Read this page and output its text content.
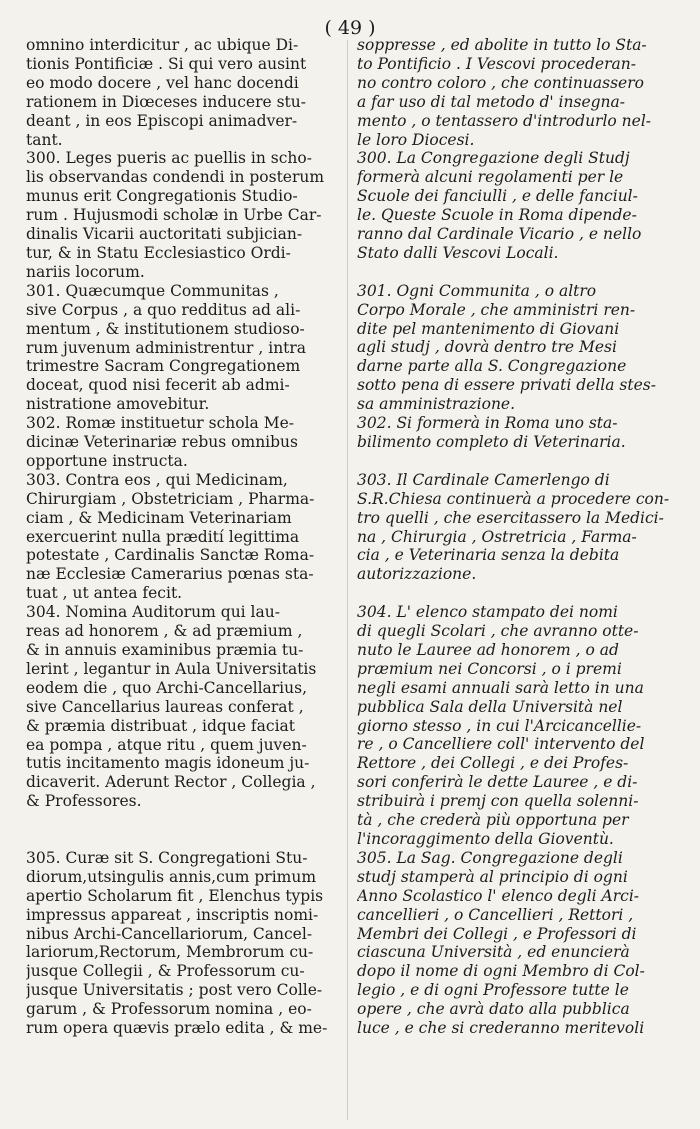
( 49 )
omnino interdicitur , ac ubique Di-
tionis Pontificiæ . Si qui vero ausint
eo modo docere , vel hanc docendi
rationem in Diœceses inducere stu-
deant , in eos Episcopi animadver-
tant.
300. Leges pueris ac puellis in scho-
lis observandas condendi in posterum
munus erit Congregationis Studio-
rum . Hujusmodi scholæ in Urbe Car-
dinalis Vicarii auctoritati subjician-
tur, & in Statu Ecclesiastico Ordi-
nariis locorum.
301. Quæcumque Communitas ,
sive Corpus , a quo redditus ad ali-
mentum , & institutionem studioso-
rum juvenum administrentur , intra
trimestre Sacram Congregationem
doceat, quod nisi fecerit ab admi-
nistratione amovebitur.
302. Romæ instituetur schola Me-
dicinæ Veterinariæ rebus omnibus
opportune instructa.
303. Contra eos , qui Medicinam,
Chirurgiam , Obstetriciam , Pharma-
ciam , & Medicinam Veterinariam
exercuerint nulla prædití legittima
potestate , Cardinalis Sanctæ Roma-
næ Ecclesiæ Camerarius pœnas sta-
tuat , ut antea fecit.
304. Nomina Auditorum qui lau-
reas ad honorem , & ad præmium ,
& in annuis examinibus præmia tu-
lerint , legantur in Aula Universitatis
eodem die , quo Archi-Cancellarius,
sive Cancellarius laureas conferat ,
& præmia distribuat , idque faciat
ea pompa , atque ritu , quem juven-
tutis incitamento magis idoneum ju-
dicaverit. Aderunt Rector , Collegia ,
& Professores.
305. Curæ sit S. Congregationi Stu-
diorum,utsingulis annis,cum primum
apertio Scholarum fit , Elenchus typis
impressus appareat , inscriptis nomi-
nibus Archi-Cancellariorum, Cancel-
lariorum,Rectorum, Membrorum cu-
jusque Collegii , & Professorum cu-
jusque Universitatis ; post vero Colle-
garum , & Professorum nomina , eo-
rum opera quævis prælo edita , & me-
soppresse , ed abolite in tutto lo Sta-
to Pontificio . I Vescovi procederan-
no contro coloro , che continuassero
a far uso di tal metodo d' insegna-
mento , o tentassero d'introdurlo nel-
le loro Diocesi.
300. La Congregazione degli Studj
formerà alcuni regolamenti per le
Scuole dei fanciulli , e delle fanciul-
le. Queste Scuole in Roma dipende-
ranno dal Cardinale Vicario , e nello
Stato dalli Vescovi Locali.
301. Ogni Communita , o altro
Corpo Morale , che amministri ren-
dite pel mantenimento di Giovani
agli studj , dovrà dentro tre Mesi
darne parte alla S. Congregazione
sotto pena di essere privati della stes-
sa amministrazione.
302. Si formerà in Roma uno sta-
bilimento completo di Veterinaria.
303. Il Cardinale Camerlengo di
S.R.Chiesa continuerà a procedere con-
tro quelli , che esercitassero la Medici-
na , Chirurgia , Ostretricia , Farma-
cia , e Veterinaria senza la debita
autorizzazione.
304. L' elenco stampato dei nomi
di quegli Scolari , che avranno otte-
nuto le Lauree ad honorem , o ad
præmium nei Concorsi , o i premi
negli esami annuali sarà letto in una
pubblica Sala della Università nel
giorno stesso , in cui l'Arcicancellie-
re , o Cancelliere coll' intervento del
Rettore , dei Collegi , e dei Profes-
sori conferirà le dette Lauree , e di-
stribuirà i premj con quella solenni-
tà , che crederà più opportuna per
l'incoraggimento della Gioventù.
305. La Sag. Congregazione degli
studj stamperà al principio di ogni
Anno Scolastico l' elenco degli Arci-
cancellieri , o Cancellieri , Rettori ,
Membri dei Collegi , e Professori di
ciascuna Università , ed enuncierà
dopo il nome di ogni Membro di Col-
legio , e di ogni Professore tutte le
opere , che avrà dato alla pubblica
luce , e che si crederanno meritevoli
